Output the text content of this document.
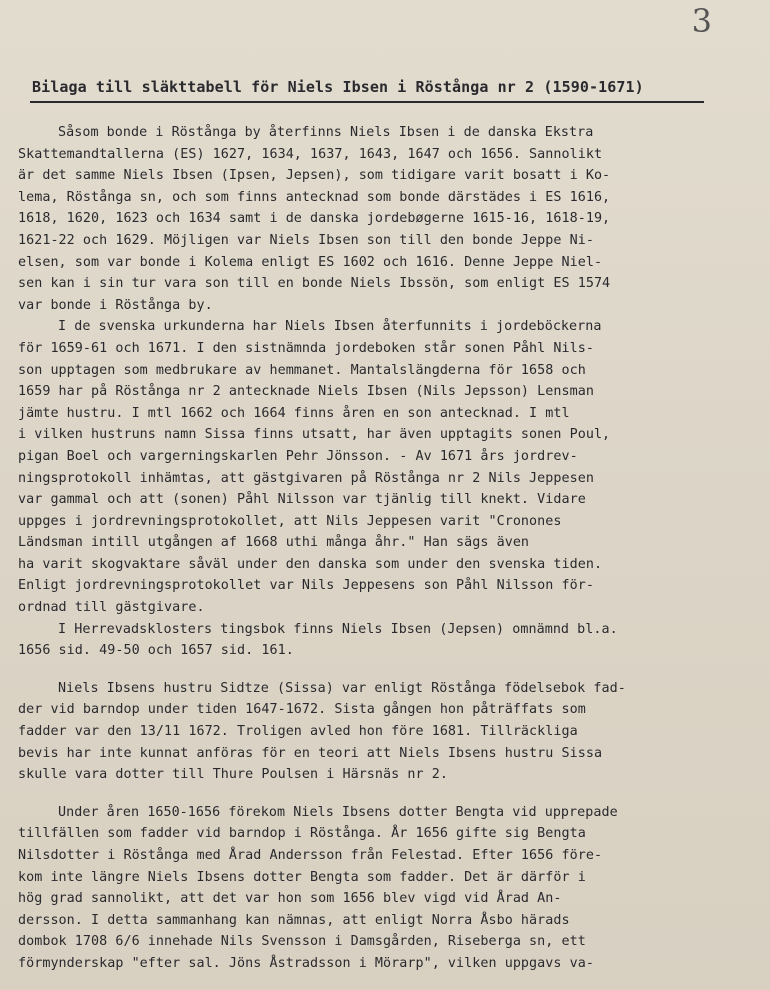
3
Bilaga till släkttabell för Niels Ibsen i Röstånga nr 2 (1590-1671)
Såsom bonde i Röstånga by återfinns Niels Ibsen i de danska Ekstra
Skattemandtallerna (ES) 1627, 1634, 1637, 1643, 1647 och 1656. Sannolikt
är det samme Niels Ibsen (Ipsen, Jepsen), som tidigare varit bosatt i Ko-
lema, Röstånga sn, och som finns antecknad som bonde därstädes i ES 1616,
1618, 1620, 1623 och 1634 samt i de danska jordebøgerne 1615-16, 1618-19,
1621-22 och 1629. Möjligen var Niels Ibsen son till den bonde Jeppe Ni-
elsen, som var bonde i Kolema enligt ES 1602 och 1616. Denne Jeppe Niel-
sen kan i sin tur vara son till en bonde Niels Ibssön, som enligt ES 1574
var bonde i Röstånga by.
I de svenska urkunderna har Niels Ibsen återfunnits i jordeböckerna
för 1659-61 och 1671. I den sistnämnda jordeboken står sonen Påhl Nils-
son upptagen som medbrukare av hemmanet. Mantalslängderna för 1658 och
1659 har på Röstånga nr 2 antecknade Niels Ibsen (Nils Jepsson) Lensman
jämte hustru. I mtl 1662 och 1664 finns åren en son antecknad. I mtl
i vilken hustruns namn Sissa finns utsatt, har även upptagits sonen Poul,
pigan Boel och vargerningskarlen Pehr Jönsson. - Av 1671 års jordrev-
ningsprotokoll inhämtas, att gästgivaren på Röstånga nr 2 Nils Jeppesen
var gammal och att (sonen) Påhl Nilsson var tjänlig till knekt. Vidare
uppges i jordrevningsprotokollet, att Nils Jeppesen varit "Cronones
Ländsman intill utgången af 1668 uthi många åhr." Han sägs även
ha varit skogvaktare såväl under den danska som under den svenska tiden.
Enligt jordrevningsprotokollet var Nils Jeppesens son Påhl Nilsson för-
ordnad till gästgivare.
I Herrevadsklosters tingsbok finns Niels Ibsen (Jepsen) omnämnd bl.a.
1656 sid. 49-50 och 1657 sid. 161.
Niels Ibsens hustru Sidtze (Sissa) var enligt Röstånga födelsebok fad-
der vid barndop under tiden 1647-1672. Sista gången hon påträffats som
fadder var den 13/11 1672. Troligen avled hon före 1681. Tillräckliga
bevis har inte kunnat anföras för en teori att Niels Ibsens hustru Sissa
skulle vara dotter till Thure Poulsen i Härsnäs nr 2.
Under åren 1650-1656 förekom Niels Ibsens dotter Bengta vid upprepade
tillfällen som fadder vid barndop i Röstånga. År 1656 gifte sig Bengta
Nilsdotter i Röstånga med Årad Andersson från Felestad. Efter 1656 före-
kom inte längre Niels Ibsens dotter Bengta som fadder. Det är därför i
hög grad sannolikt, att det var hon som 1656 blev vigd vid Årad An-
dersson. I detta sammanhang kan nämnas, att enligt Norra Åsbo härads
dombok 1708 6/6 innehade Nils Svensson i Damsgården, Riseberga sn, ett
förmynderskap "efter sal. Jöns Åstradsson i Mörarp", vilken uppgavs va-
